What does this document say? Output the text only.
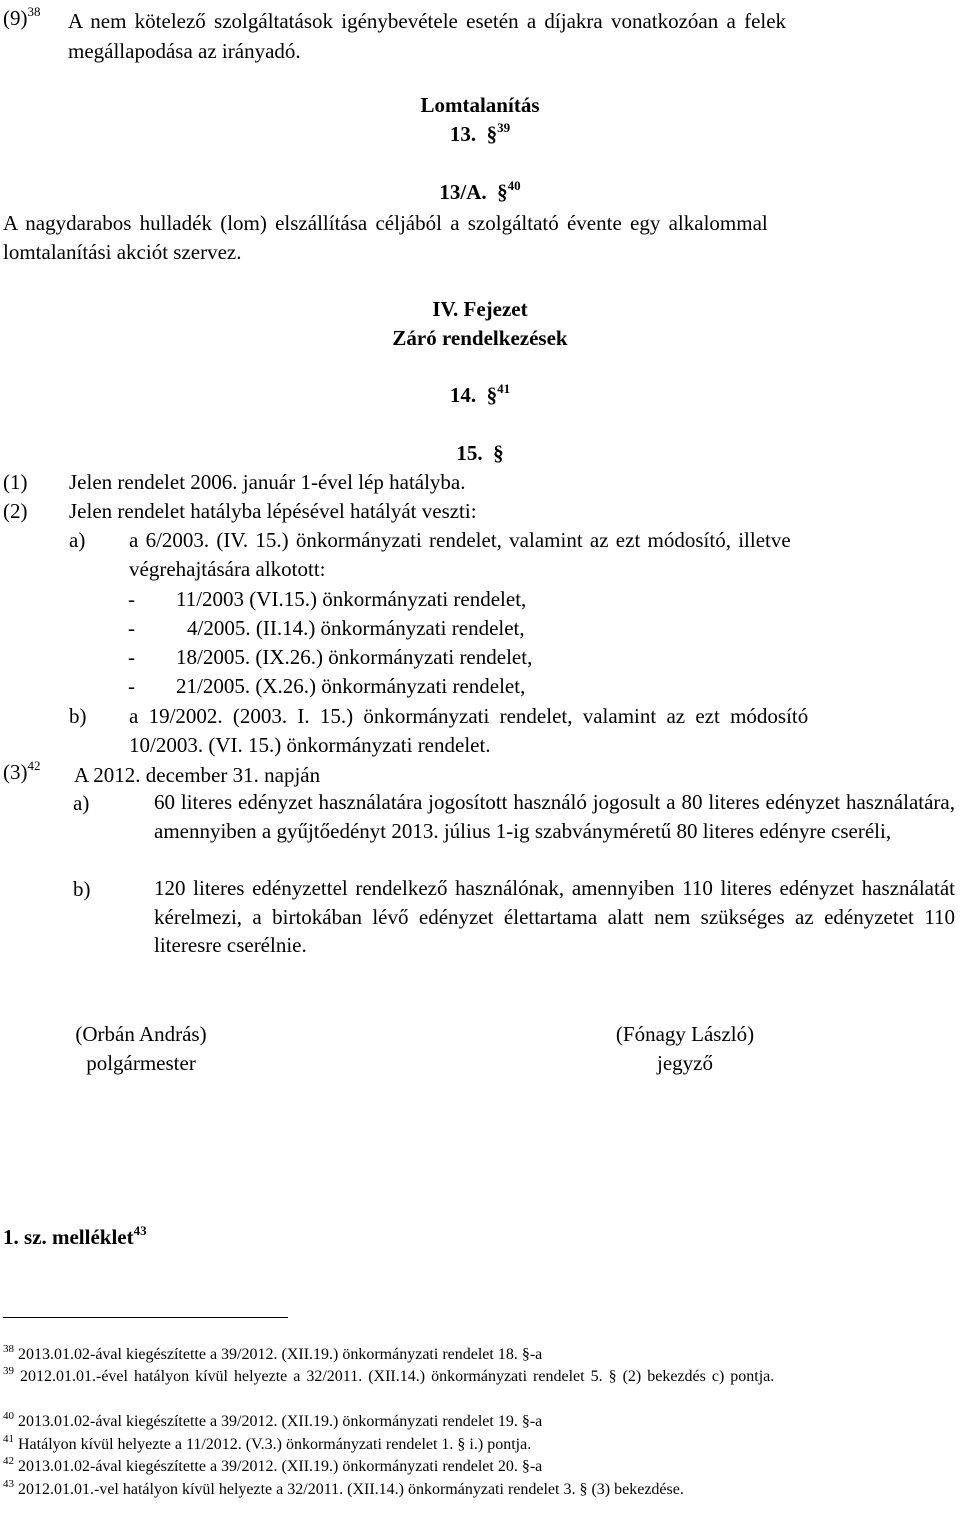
$(9)^{38}$ A nem kötelező szolgáltatások igénybevétele esetén a díjakra vonatkozóan a felek
megállapodása az irányadó.
Lomtalanítás
13. §$^{39}$
13/A. §$^{40}$
A nagydarabos hulladék (lom) elszállítása céljából a szolgáltató évente egy alkalommal
lomtalanítási akciót szervez.
IV. Fejezet
Záró rendelkezések
14. §$^{41}$
15. §
(1) Jelen rendelet 2006. január 1-ével lép hatályba.
(2) Jelen rendelet hatályba lépésével hatályát veszti:
a) a 6/2003. (IV. 15.) önkormányzati rendelet, valamint az ezt módosító, illetve
végrehajtására alkotott:
- 11/2003 (VI.15.) önkormányzati rendelet,
- 4/2005. (II.14.) önkormányzati rendelet,
- 18/2005. (IX.26.) önkormányzati rendelet,
- 21/2005. (X.26.) önkormányzati rendelet,
b) a 19/2002. (2003. I. 15.) önkormányzati rendelet, valamint az ezt módosító
10/2003. (VI. 15.) önkormányzati rendelet.
$(3)^{42}$ A 2012. december 31. napján
a)	60 literes edényzet használatára jogosított használó jogosult a 80 literes edényzet használatára, amennyiben a gyűjtőedényt 2013. július 1-ig szabványméretű 80 literes edényre cseréli,
b)	120 literes edényzettel rendelkező használónak, amennyiben 110 literes edényzet használatát kérelmezi, a birtokában lévő edényzet élettartama alatt nem szükséges az edényzetet 110 literesre cserélnie.
(Orbán András)
polgármester
(Fónagy László)
jegyző
1. sz. melléklet$^{43}$
$^{38}$ 2013.01.02-ával kiegészítette a 39/2012. (XII.19.) önkormányzati rendelet 18. §-a
$^{39}$ 2012.01.01.-ével hatályon kívül helyezte a 32/2011. (XII.14.) önkormányzati rendelet 5. § (2) bekezdés c) pontja.
$^{40}$ 2013.01.02-ával kiegészítette a 39/2012. (XII.19.) önkormányzati rendelet 19. §-a
$^{41}$ Hatályon kívül helyezte a 11/2012. (V.3.) önkormányzati rendelet 1. § i.) pontja.
$^{42}$ 2013.01.02-ával kiegészítette a 39/2012. (XII.19.) önkormányzati rendelet 20. §-a
$^{43}$ 2012.01.01.-vel hatályon kívül helyezte a 32/2011. (XII.14.) önkormányzati rendelet 3. § (3) bekezdése.
